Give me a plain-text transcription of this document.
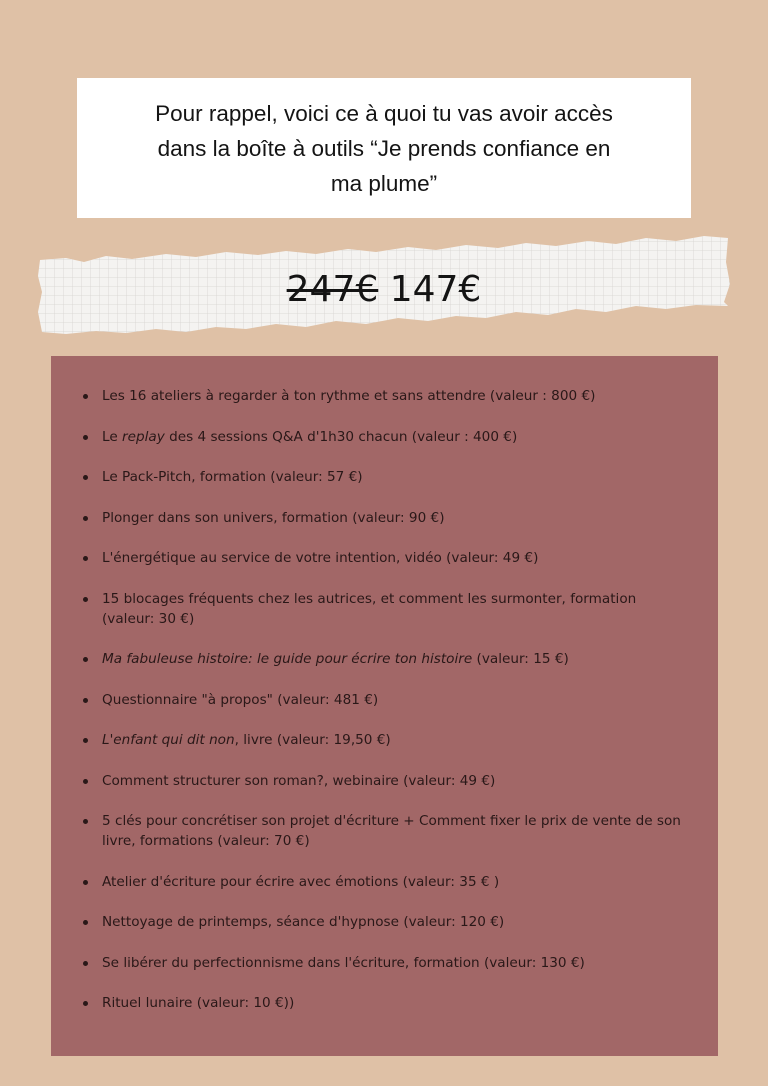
Pour rappel, voici ce à quoi tu vas avoir accès dans la boîte à outils “Je prends confiance en ma plume”
247€ 147€
Les 16 ateliers à regarder à ton rythme et sans attendre (valeur : 800 €)
Le replay des 4 sessions Q&A d'1h30 chacun (valeur : 400 €)
Le Pack-Pitch, formation (valeur: 57 €)
Plonger dans son univers, formation (valeur: 90 €)
L'énergétique au service de votre intention, vidéo (valeur: 49 €)
15 blocages fréquents chez les autrices, et comment les surmonter, formation (valeur: 30 €)
Ma fabuleuse histoire: le guide pour écrire ton histoire (valeur: 15 €)
Questionnaire "à propos" (valeur: 481 €)
L'enfant qui dit non, livre (valeur: 19,50 €)
Comment structurer son roman?, webinaire (valeur: 49 €)
5 clés pour concrétiser son projet d'écriture + Comment fixer le prix de vente de son livre, formations (valeur: 70 €)
Atelier d'écriture pour écrire avec émotions (valeur: 35 € )
Nettoyage de printemps, séance d'hypnose (valeur: 120 €)
Se libérer du perfectionnisme dans l'écriture, formation (valeur: 130 €)
Rituel lunaire (valeur: 10 €))
